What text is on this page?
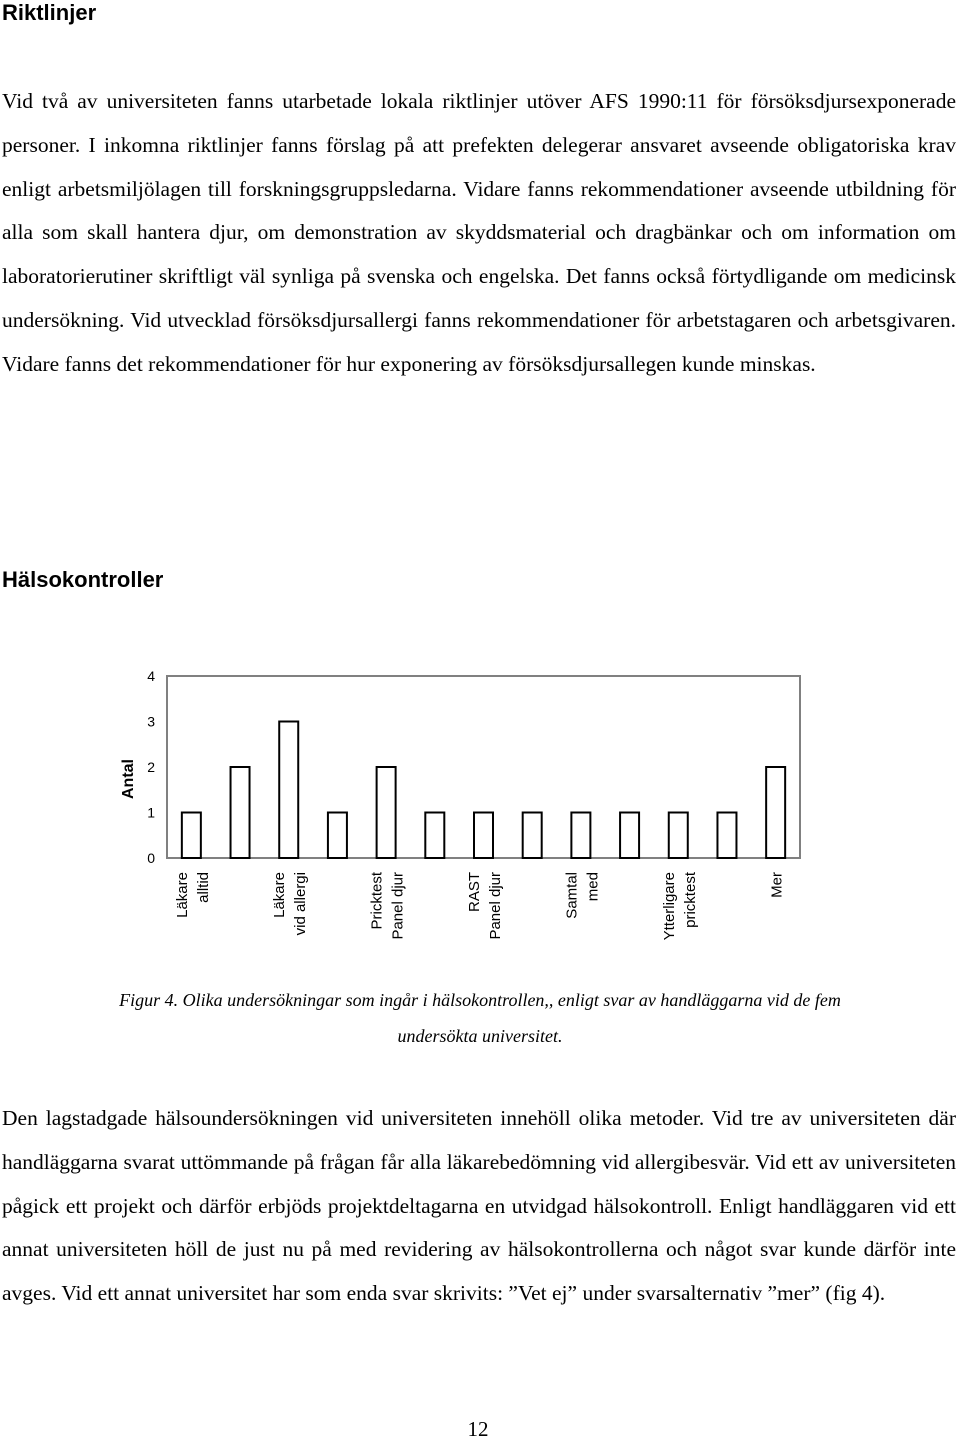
Riktlinjer

Vid två av universiteten fanns utarbetade lokala riktlinjer utöver AFS 1990:11 för försöksdjursexponerade personer. I inkomna riktlinjer fanns förslag på att prefekten delegerar ansvaret avseende obligatoriska krav enligt arbetsmiljölagen till forskningsgruppsledarna. Vidare fanns rekommendationer avseende utbildning för alla som skall hantera djur, om demonstration av skyddsmaterial och dragbänkar och om information om laboratorierutiner skriftligt väl synliga på svenska och engelska. Det fanns också förtydligande om medicinsk undersökning. Vid utvecklad försöksdjursallergi fanns rekommendationer för arbetstagaren och arbetsgivaren. Vidare fanns det rekommendationer för hur exponering av försöksdjursallegen kunde minskas.

Hälsokontroller
0
1
2
3
4
Antal
Läkare alltid	Läkare vid allergi	Pricktest Panel djur	RAST Panel djur	Samtal med	Ytterligare pricktest	Mer

Figur 4. Olika undersökningar som ingår i hälsokontrollen,, enligt svar av handläggarna vid de fem

undersökta universitet.

Den lagstadgade hälsoundersökningen vid universiteten innehöll olika metoder. Vid tre av universiteten där handläggarna svarat uttömmande på frågan får alla läkarebedömning vid allergibesvär. Vid ett av universiteten pågick ett projekt och därför erbjöds projektdeltagarna en utvidgad hälsokontroll. Enligt handläggaren vid ett annat universiteten höll de just nu på med revidering av hälsokontrollerna och något svar kunde därför inte avges. Vid ett annat universitet har som enda svar skrivits: ”Vet ej” under svarsalternativ ”mer” (fig 4).

12
